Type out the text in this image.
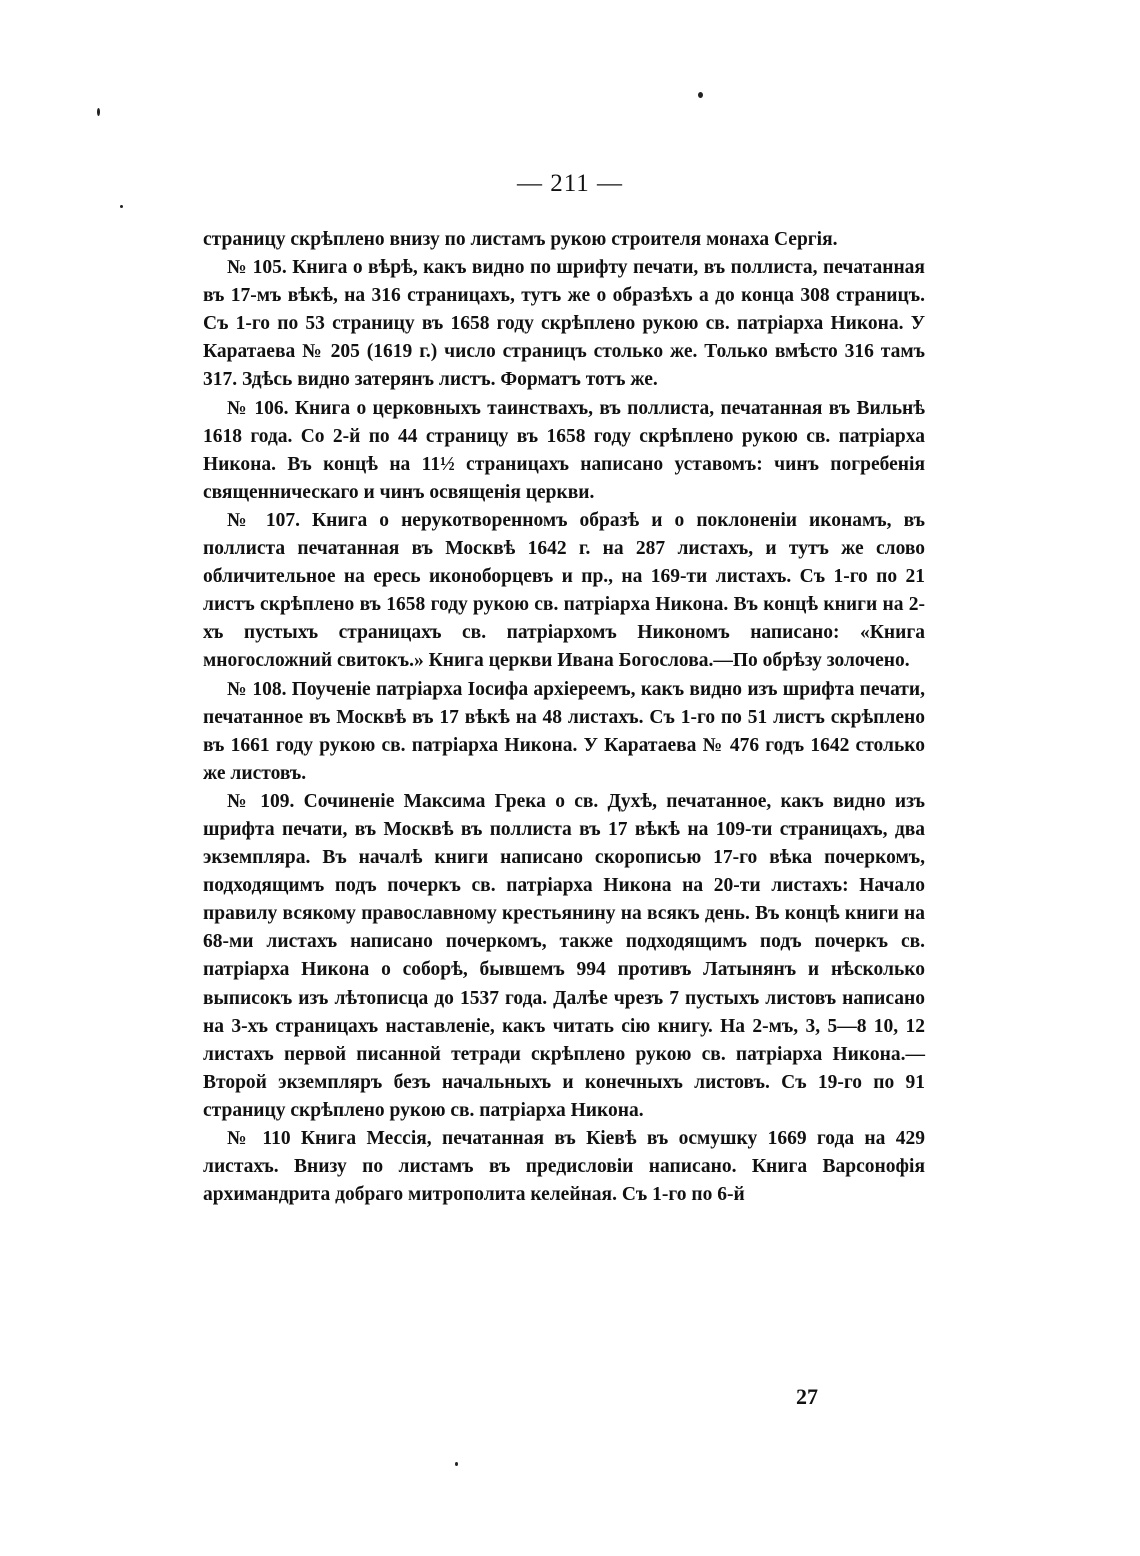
— 211 —

страницу скрѣплено внизу по листамъ рукою строителя монаха Сергія.

№ 105. Книга о вѣрѣ, какъ видно по шрифту печати, въ поллиста, печатанная въ 17-мъ вѣкѣ, на 316 страницахъ, тутъ же о образѣхъ а до конца 308 страницъ. Съ 1-го по 53 страницу въ 1658 году скрѣплено рукою св. патріарха Никона. У Каратаева № 205 (1619 г.) число страницъ столько же. Только вмѣсто 316 тамъ 317. Здѣсь видно затерянъ листъ. Форматъ тотъ же.

№ 106. Книга о церковныхъ таинствахъ, въ поллиста, печатанная въ Вильнѣ 1618 года. Со 2-й по 44 страницу въ 1658 году скрѣплено рукою св. патріарха Никона. Въ концѣ на 11½ страницахъ написано уставомъ: чинъ погребенія священническаго и чинъ освященія церкви.

№ 107. Книга о нерукотворенномъ образѣ и о поклоненіи иконамъ, въ поллиста печатанная въ Москвѣ 1642 г. на 287 листахъ, и тутъ же слово обличительное на ересь иконоборцевъ и пр., на 169-ти листахъ. Съ 1-го по 21 листъ скрѣплено въ 1658 году рукою св. патріарха Никона. Въ концѣ книги на 2-хъ пустыхъ страницахъ св. патріархомъ Никономъ написано: «Книга многосложний свитокъ.» Книга церкви Ивана Богослова.—По обрѣзу золочено.

№ 108. Поученіе патріарха Іосифа архіереемъ, какъ видно изъ шрифта печати, печатанное въ Москвѣ въ 17 вѣкѣ на 48 листахъ. Съ 1-го по 51 листъ скрѣплено въ 1661 году рукою св. патріарха Никона. У Каратаева № 476 годъ 1642 столько же листовъ.

№ 109. Сочиненіе Максима Грека о св. Духѣ, печатанное, какъ видно изъ шрифта печати, въ Москвѣ въ поллиста въ 17 вѣкѣ на 109-ти страницахъ, два экземпляра. Въ началѣ книги написано скорописью 17-го вѣка почеркомъ, подходящимъ подъ почеркъ св. патріарха Никона на 20-ти листахъ: Начало правилу всякому православному крестьянину на всякъ день. Въ концѣ книги на 68-ми листахъ написано почеркомъ, также подходящимъ подъ почеркъ св. патріарха Никона о соборѣ, бывшемъ 994 противъ Латынянъ и нѣсколько выписокъ изъ лѣтописца до 1537 года. Далѣе чрезъ 7 пустыхъ листовъ написано на 3-хъ страницахъ наставленіе, какъ читать сію книгу. На 2-мъ, 3, 5—8 10, 12 листахъ первой писанной тетради скрѣплено рукою св. патріарха Никона.—Второй экземпляръ безъ начальныхъ и конечныхъ листовъ. Съ 19-го по 91 страницу скрѣплено рукою св. патріарха Никона.

№ 110 Книга Мессія, печатанная въ Кіевѣ въ осмушку 1669 года на 429 листахъ. Внизу по листамъ въ предисловіи написано. Книга Варсонофія архимандрита добраго митрополита келейная. Съ 1-го по 6-й

27
